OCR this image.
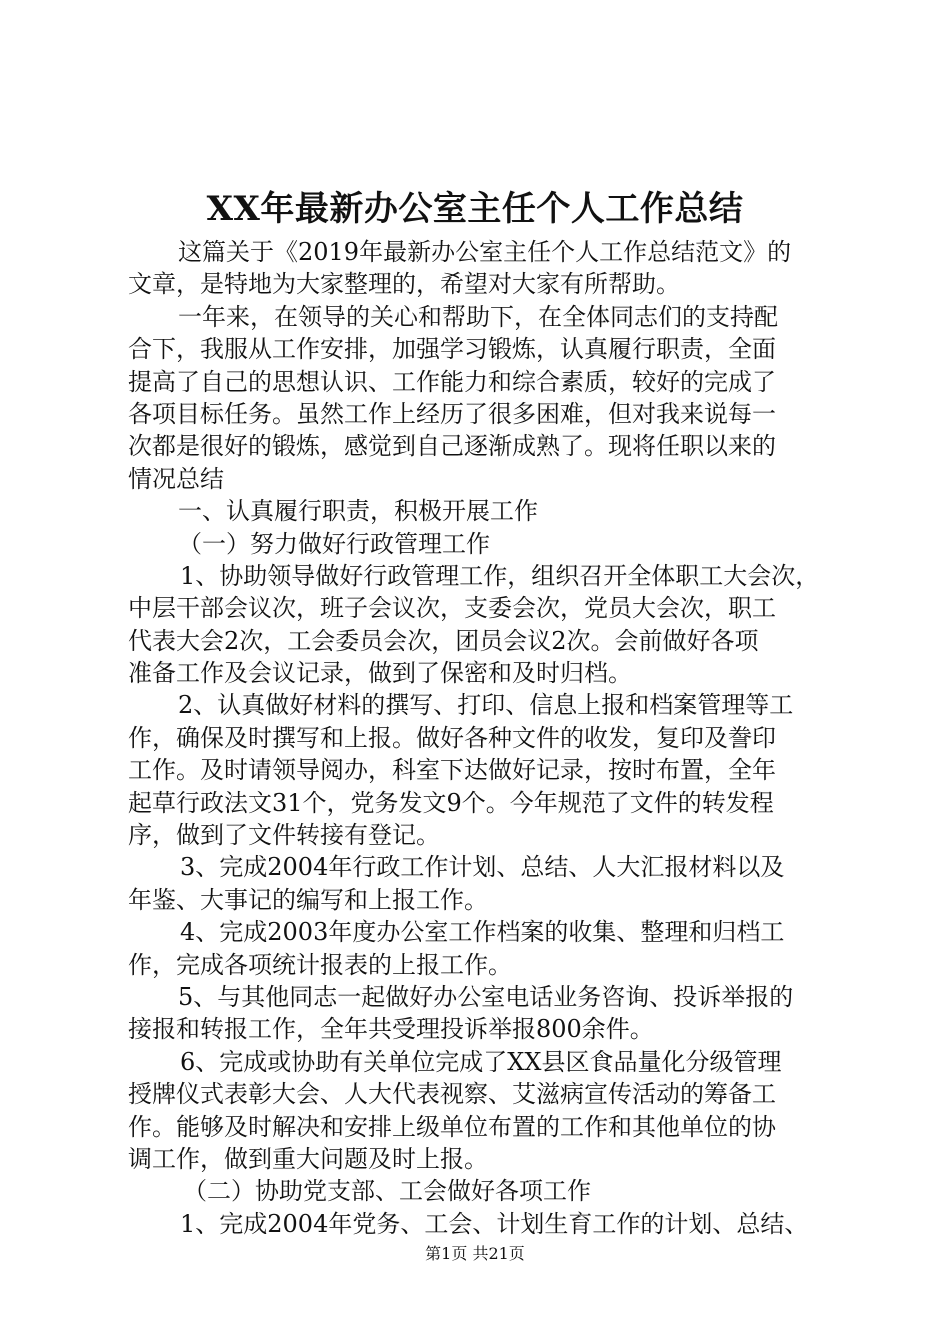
XX年最新办公室主任个人工作总结
这篇关于《2019年最新办公室主任个人工作总结范文》的
文章，是特地为大家整理的，希望对大家有所帮助。
一年来，在领导的关心和帮助下，在全体同志们的支持配
合下，我服从工作安排，加强学习锻炼，认真履行职责，全面
提高了自己的思想认识、工作能力和综合素质，较好的完成了
各项目标任务。虽然工作上经历了很多困难，但对我来说每一
次都是很好的锻炼，感觉到自己逐渐成熟了。现将任职以来的
情况总结
一、认真履行职责，积极开展工作
（一）努力做好行政管理工作
1、协助领导做好行政管理工作，组织召开全体职工大会次，
中层干部会议次，班子会议次，支委会次，党员大会次，职工
代表大会2次，工会委员会次，团员会议2次。会前做好各项
准备工作及会议记录，做到了保密和及时归档。
2、认真做好材料的撰写、打印、信息上报和档案管理等工
作，确保及时撰写和上报。做好各种文件的收发，复印及誊印
工作。及时请领导阅办，科室下达做好记录，按时布置，全年
起草行政法文31个，党务发文9个。今年规范了文件的转发程
序，做到了文件转接有登记。
3、完成2004年行政工作计划、总结、人大汇报材料以及
年鉴、大事记的编写和上报工作。
4、完成2003年度办公室工作档案的收集、整理和归档工
作，完成各项统计报表的上报工作。
5、与其他同志一起做好办公室电话业务咨询、投诉举报的
接报和转报工作，全年共受理投诉举报800余件。
6、完成或协助有关单位完成了XX县区食品量化分级管理
授牌仪式表彰大会、人大代表视察、艾滋病宣传活动的筹备工
作。能够及时解决和安排上级单位布置的工作和其他单位的协
调工作，做到重大问题及时上报。
（二）协助党支部、工会做好各项工作
1、完成2004年党务、工会、计划生育工作的计划、总结、
第1页 共21页
